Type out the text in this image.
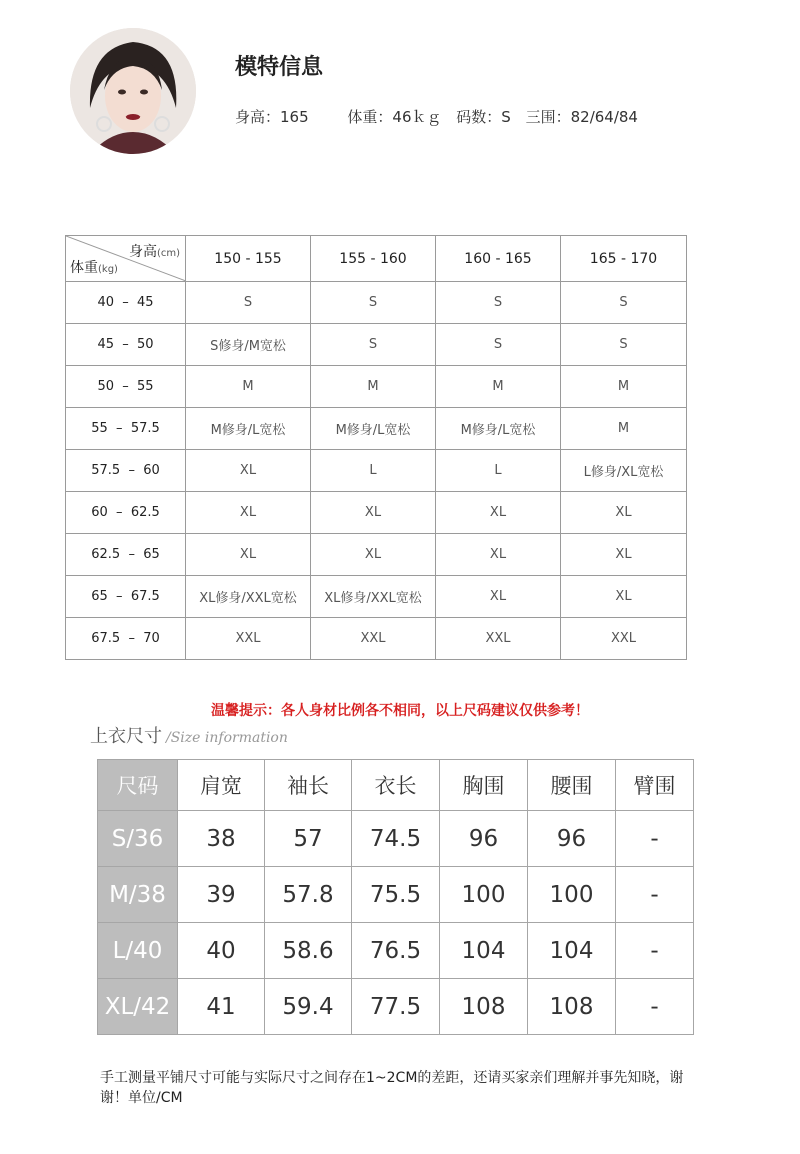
模特信息
身高：165	体重：46ｋｇ 码数：S 三围：82/64/84
身高(cm)
体重(kg)	150 - 155	155 - 160	160 - 165	165 - 170
40  –  45	S	S	S	S
45  –  50	S修身/M宽松	S	S	S
50  –  55	M	M	M	M
55  –  57.5	M修身/L宽松	M修身/L宽松	M修身/L宽松	M
57.5  –  60	XL	L	L	L修身/XL宽松
60  –  62.5	XL	XL	XL	XL
62.5  –  65	XL	XL	XL	XL
65  –  67.5	XL修身/XXL宽松	XL修身/XXL宽松	XL	XL
67.5  –  70	XXL	XXL	XXL	XXL
温馨提示：各人身材比例各不相同，以上尺码建议仅供参考！
上衣尺寸 /Size information
尺码	肩宽	袖长	衣长	胸围	腰围	臂围
S/36	38	57	74.5	96	96	-
M/38	39	57.8	75.5	100	100	-
L/40	40	58.6	76.5	104	104	-
XL/42	41	59.4	77.5	108	108	-
手工测量平铺尺寸可能与实际尺寸之间存在1~2CM的差距，还请买家亲们理解并事先知晓，谢谢！单位/CM
